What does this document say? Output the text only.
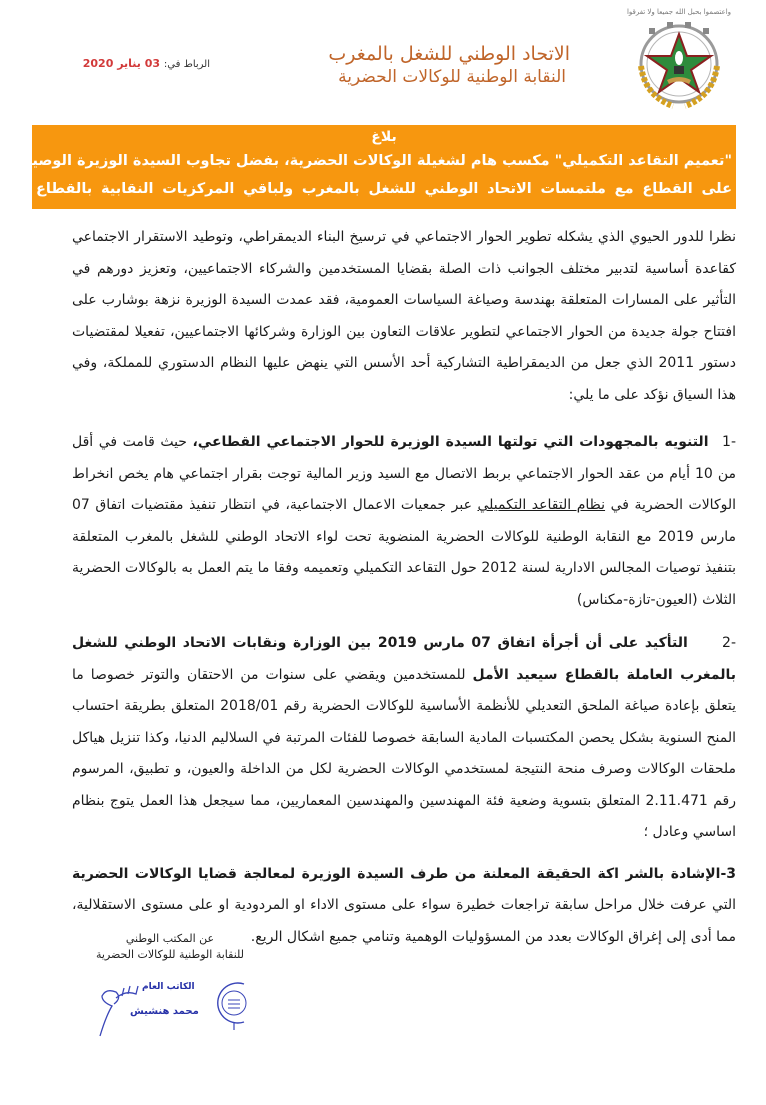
واعتصموا بحبل الله جميعا ولا تفرقوا
الاتحاد الوطني للشغل بالمغرب
النقابة الوطنية للوكالات الحضرية
الرباط في: 03 يناير 2020
بلاغ
"تعميم التقاعد التكميلي" مكسب هام لشغيلة الوكالات الحضرية، بفضل تجاوب السيدة الوزيرة الوصية
على القطاع مع ملتمسات الاتحاد الوطني للشغل بالمغرب ولباقي المركزيات النقابية بالقطاع

نظرا للدور الحيوي الذي يشكله تطوير الحوار الاجتماعي في ترسيخ البناء الديمقراطي، وتوطيد الاستقرار الاجتماعي كقاعدة أساسية لتدبير مختلف الجوانب ذات الصلة بقضايا المستخدمين والشركاء الاجتماعيين، وتعزيز دورهم في التأثير على المسارات المتعلقة بهندسة وصياغة السياسات العمومية، فقد عمدت السيدة الوزيرة نزهة بوشارب على افتتاح جولة جديدة من الحوار الاجتماعي لتطوير علاقات التعاون بين الوزارة وشركائها الاجتماعيين، تفعيلا لمقتضيات دستور 2011 الذي جعل من الديمقراطية التشاركية أحد الأسس التي ينهض عليها النظام الدستوري للمملكة، وفي هذا السياق نؤكد على ما يلي:

-1 التنويه بالمجهودات التي تولتها السيدة الوزيرة للحوار الاجتماعي القطاعي، حيث قامت في أقل من 10 أيام من عقد الحوار الاجتماعي بربط الاتصال مع السيد وزير المالية توجت بقرار اجتماعي هام يخص انخراط الوكالات الحضرية في نظام التقاعد التكميلي عبر جمعيات الاعمال الاجتماعية، في انتظار تنفيذ مقتضيات اتفاق 07 مارس 2019 مع النقابة الوطنية للوكالات الحضرية المنضوية تحت لواء الاتحاد الوطني للشغل بالمغرب المتعلقة بتنفيذ توصيات المجالس الادارية لسنة 2012 حول التقاعد التكميلي وتعميمه وفقا ما يتم العمل به بالوكالات الحضرية الثلاث (العيون-تازة-مكناس)

-2 التأكيد على أن أجرأة اتفاق 07 مارس 2019 بين الوزارة ونقابات الاتحاد الوطني للشغل بالمغرب العاملة بالقطاع سيعيد الأمل للمستخدمين ويقضي على سنوات من الاحتقان والتوتر خصوصا ما يتعلق بإعادة صياغة الملحق التعديلي للأنظمة الأساسية للوكالات الحضرية رقم 2018/01 المتعلق بطريقة احتساب المنح السنوية بشكل يحصن المكتسبات المادية السابقة خصوصا للفئات المرتبة في السلاليم الدنيا، وكذا تنزيل هياكل ملحقات الوكالات وصرف منحة النتيجة لمستخدمي الوكالات الحضرية لكل من الداخلة والعيون، و تطبيق، المرسوم رقم 2.11.471 المتعلق بتسوية وضعية فئة المهندسين والمهندسين المعماريين، مما سيجعل هذا العمل يتوج بنظام اساسي وعادل ؛

3-الإشادة بالشر اكة الحقيقة المعلنة من طرف السيدة الوزيرة لمعالجة قضايا الوكالات الحضرية التي عرفت خلال مراحل سابقة تراجعات خطيرة سواء على مستوى الاداء او المردودية او على مستوى الاستقلالية، مما أدى إلى إغراق الوكالات بعدد من المسؤوليات الوهمية وتنامي جميع اشكال الريع.

عن المكتب الوطني
للنقابة الوطنية للوكالات الحضرية
الكاتب العام
محمد هنشيش
